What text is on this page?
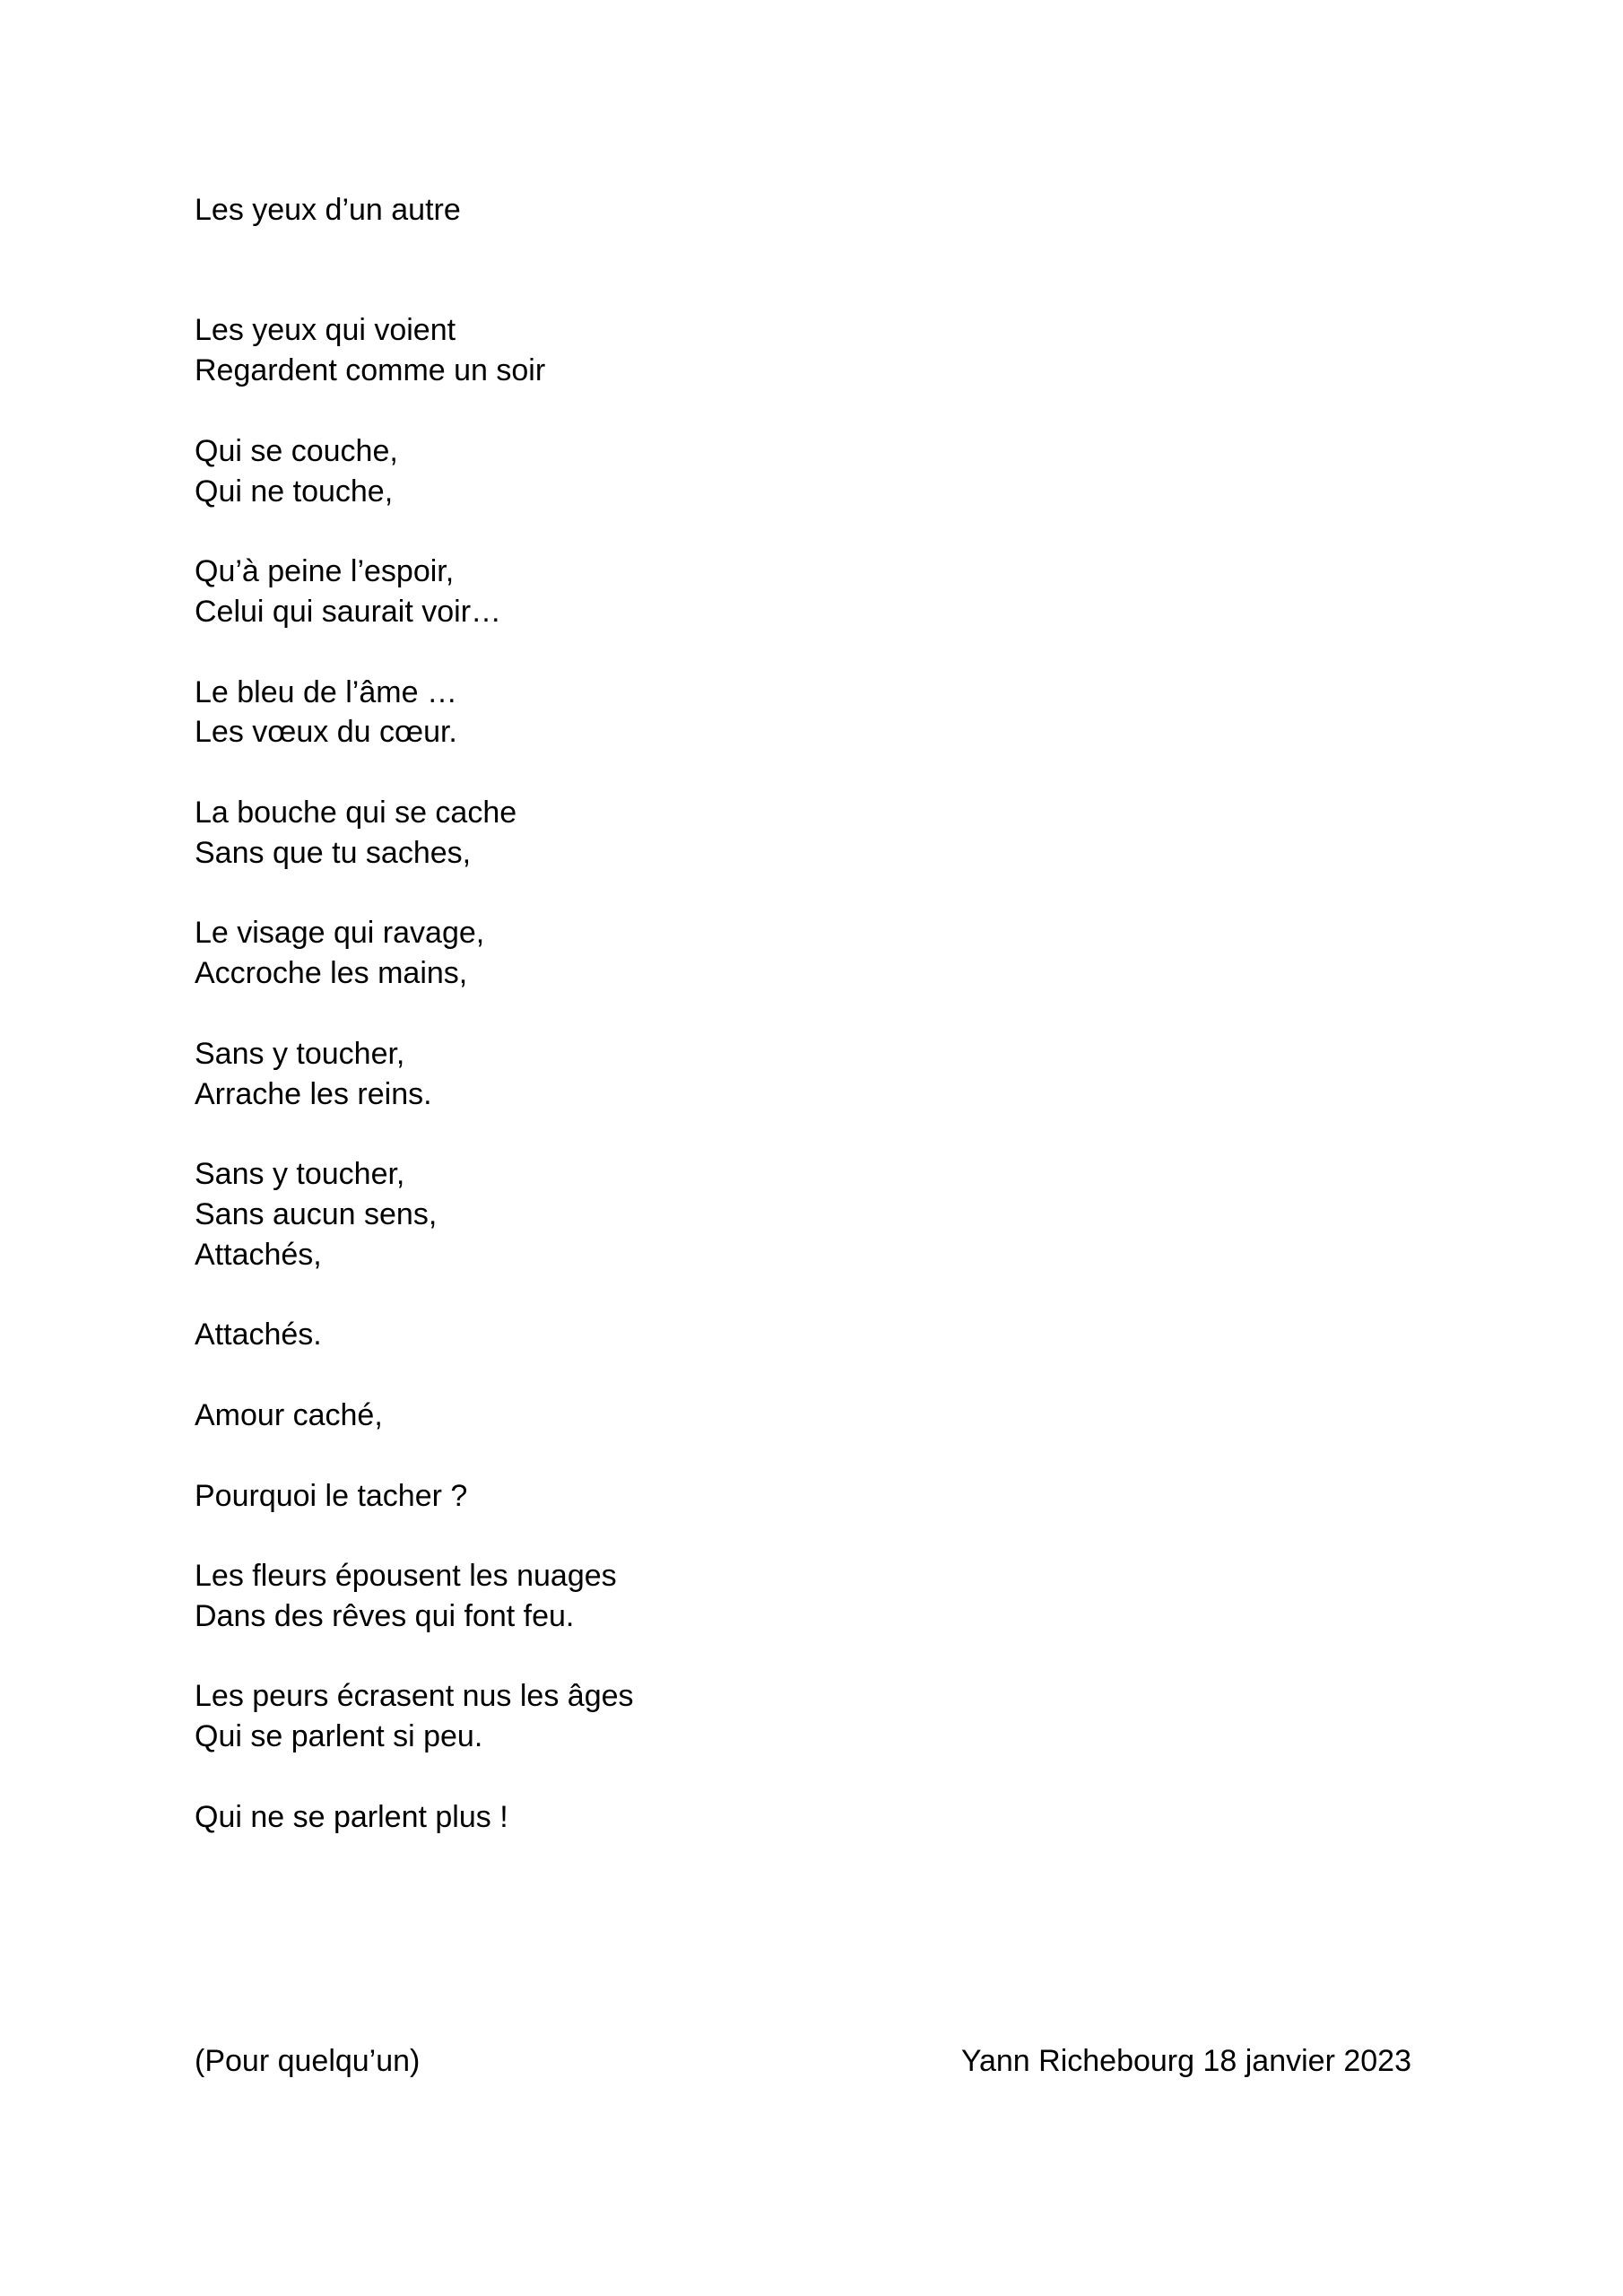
Les yeux d’un autre
Les yeux qui voient
Regardent comme un soir
Qui se couche,
Qui ne touche,
Qu’à peine l’espoir,
Celui qui saurait voir…
Le bleu de l’âme …
Les vœux du cœur.
La bouche qui se cache
Sans que tu saches,
Le visage qui ravage,
Accroche les mains,
Sans y toucher,
Arrache les reins.
Sans y toucher,
Sans aucun sens,
Attachés,
Attachés.
Amour caché,
Pourquoi le tacher ?
Les fleurs épousent les nuages
Dans des rêves qui font feu.
Les peurs écrasent nus les âges
Qui se parlent si peu.
Qui ne se parlent plus !
(Pour quelqu’un)	Yann Richebourg 18 janvier 2023
